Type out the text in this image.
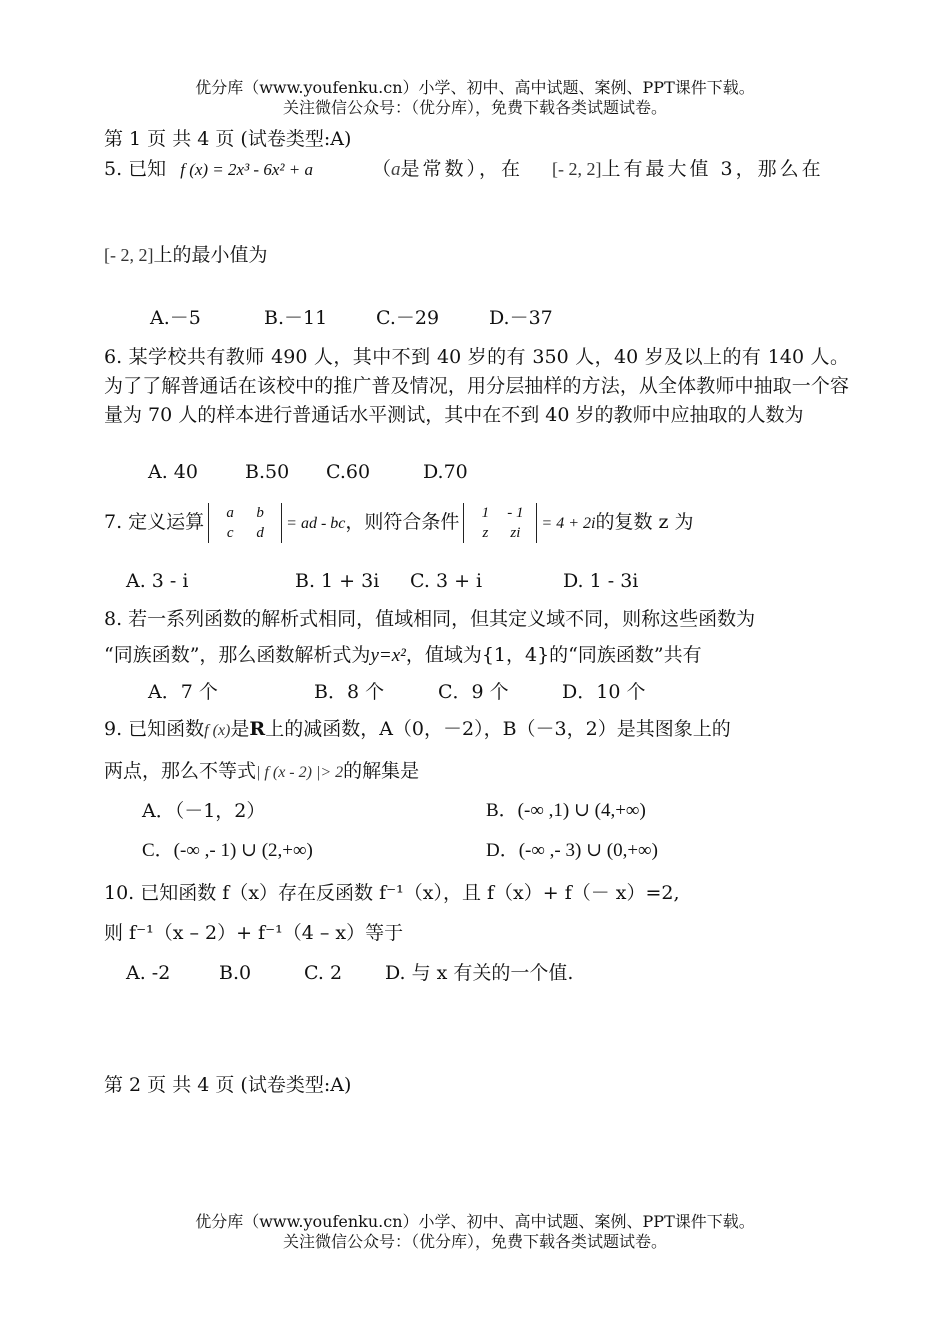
优分库（www.youfenku.cn）小学、初中、高中试题、案例、PPT课件下载。
关注微信公众号：（优分库），免费下载各类试题试卷。
第 1 页 共 4 页 (试卷类型:A)
5. 已知 f (x) = 2x³ - 6x² + a	（a是常数），在 [- 2, 2]上有最大值 3，那么在
[- 2, 2]上的最小值为
A.－5	B.－11	C.－29	D.－37
6. 某学校共有教师 490 人，其中不到 40 岁的有 350 人，40 岁及以上的有 140 人。为了了解普通话在该校中的推广普及情况，用分层抽样的方法，从全体教师中抽取一个容量为 70 人的样本进行普通话水平测试，其中在不到 40 岁的教师中应抽取的人数为
A. 40 B.50 C.60	D.70
7. 定义运算 a b
c d= ad - bc，则符合条件 1 - 1
z zi= 4 + 2i的复数 z 为
A. 3 - i	B. 1 + 3i C. 3 + i	D. 1 - 3i
8. 若一系列函数的解析式相同，值域相同，但其定义域不同，则称这些函数为
“同族函数”，那么函数解析式为y=x²，值域为{1，4}的“同族函数”共有
A．7 个	B．8 个	C．9 个	D．10 个
9. 已知函数f (x)是R上的减函数，A（0，－2），B（－3，2）是其图象上的
两点，那么不等式| f (x - 2) |> 2的解集是
A．（－1，2）	B．(-∞ ,1) ∪ (4,+∞)
C．(-∞ ,- 1) ∪ (2,+∞)	D．(-∞ ,- 3) ∪ (0,+∞)
10. 已知函数 f（x）存在反函数 f⁻¹（x），且 f（x）+ f（－ x）=2,
则 f⁻¹（x – 2）+ f⁻¹（4 – x）等于
A. -2	B.0	C. 2 D. 与 x 有关的一个值.
第 2 页 共 4 页 (试卷类型:A)
优分库（www.youfenku.cn）小学、初中、高中试题、案例、PPT课件下载。
关注微信公众号：（优分库），免费下载各类试题试卷。
